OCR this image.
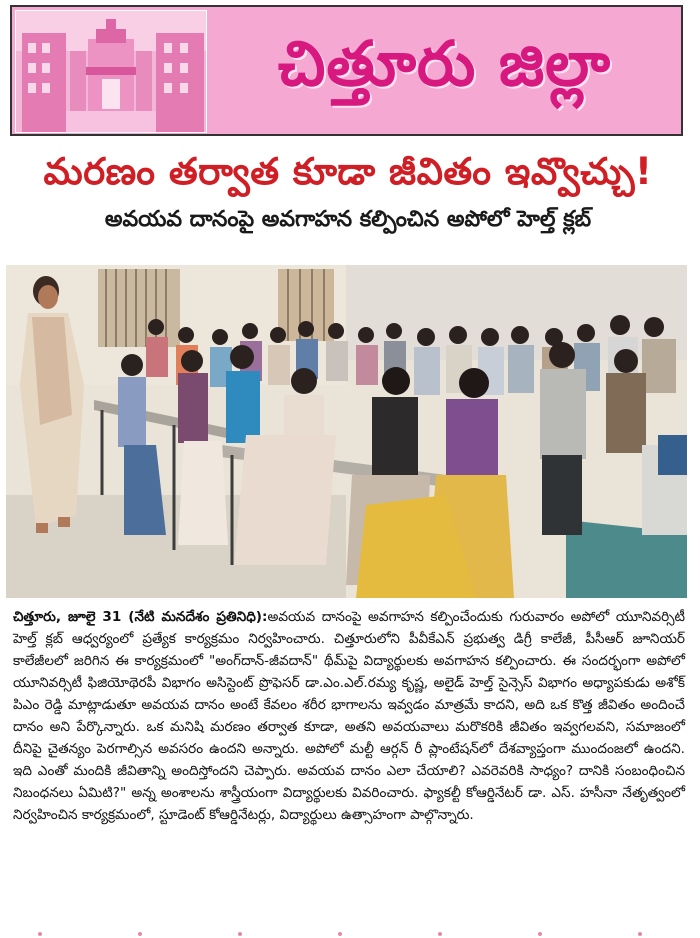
చిత్తూరు జిల్లా
మరణం తర్వాత కూడా జీవితం ఇవ్వొచ్చు!
అవయవ దానంపై అవగాహన కల్పించిన అపోలో హెల్త్ క్లబ్
చిత్తూరు, జూలై 31 (నేటి మనదేశం ప్రతినిధి):అవయవ దానంపై అవగాహన కల్పించేందుకు గురువారం అపోలో యూనివర్సిటీ హెల్త్ క్లబ్ ఆధ్వర్యంలో ప్రత్యేక కార్యక్రమం నిర్వహించారు. చిత్తూరులోని పీవీకేఎన్ ప్రభుత్వ డిగ్రీ కాలేజీ, పీసీఆర్ జూనియర్ కాలేజీలలో జరిగిన ఈ కార్యక్రమంలో "అంగ్‌దాన్-జీవదాన్" థీమ్‌పై విద్యార్థులకు అవగాహన కల్పించారు. ఈ సందర్భంగా అపోలో యూనివర్సిటీ ఫిజియోథెరపీ విభాగం అసిస్టెంట్ ప్రొఫెసర్ డా.ఎం.ఎల్.రమ్య కృష్ణ, అలైడ్ హెల్త్ సైన్సెస్ విభాగం అధ్యాపకుడు అశోక్ పిఎం రెడ్డి మాట్లాడుతూ అవయవ దానం అంటే కేవలం శరీర భాగాలను ఇవ్వడం మాత్రమే కాదని, అది ఒక కొత్త జీవితం అందించే దానం అని పేర్కొన్నారు. ఒక మనిషి మరణం తర్వాత కూడా, అతని అవయవాలు మరొకరికి జీవితం ఇవ్వగలవని, సమాజంలో దీనిపై చైతన్యం పెరగాల్సిన అవసరం ఉందని అన్నారు. అపోలో మల్టీ ఆర్గన్ రీ ప్లాంటేషన్‌లో దేశవ్యాప్తంగా ముందంజలో ఉందని. ఇది ఎంతో మందికి జీవితాన్ని అందిస్తోందని చెప్పారు. అవయవ దానం ఎలా చేయాలి? ఎవరెవరికి సాధ్యం? దానికి సంబంధించిన నిబంధనలు ఏమిటి?" అన్న అంశాలను శాస్త్రీయంగా విద్యార్థులకు వివరించారు. ఫ్యాకల్టీ కోఆర్డినేటర్ డా. ఎస్. హసీనా నేతృత్వంలో నిర్వహించిన కార్యక్రమంలో, స్టూడెంట్ కోఆర్డినేటర్లు, విద్యార్థులు ఉత్సాహంగా పాల్గొన్నారు.
